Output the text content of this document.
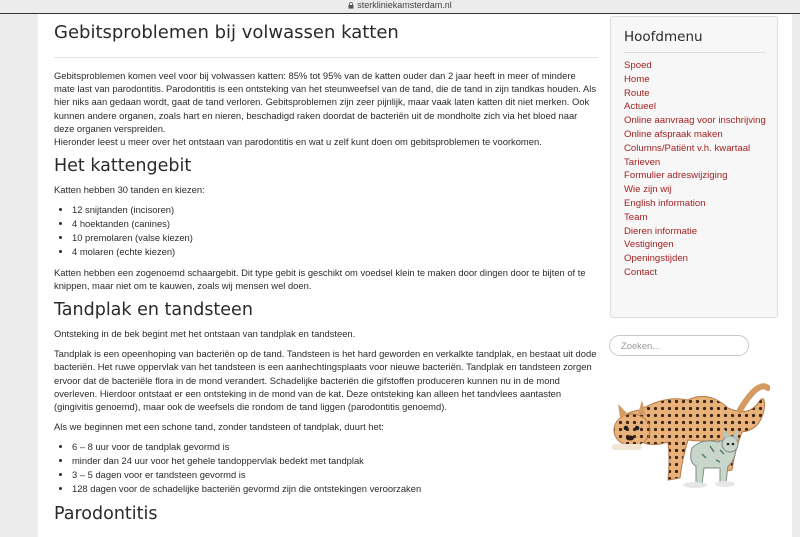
sterkliniekamsterdam.nl
Gebitsproblemen bij volwassen katten

Gebitsproblemen komen veel voor bij volwassen katten: 85% tot 95% van de katten ouder dan 2 jaar heeft in meer of mindere mate last van parodontitis. Parodontitis is een ontsteking van het steunweefsel van de tand, die de tand in zijn tandkas houden. Als hier niks aan gedaan wordt, gaat de tand verloren. Gebitsproblemen zijn zeer pijnlijk, maar vaak laten katten dit niet merken. Ook kunnen andere organen, zoals hart en nieren, beschadigd raken doordat de bacteriën uit de mondholte zich via het bloed naar deze organen verspreiden.
Hieronder leest u meer over het ontstaan van parodontitis en wat u zelf kunt doen om gebitsproblemen te voorkomen.

Het kattengebit

Katten hebben 30 tanden en kiezen:

• 12 snijtanden (incisoren)
• 4 hoektanden (canines)
• 10 premolaren (valse kiezen)
• 4 molaren (echte kiezen)

Katten hebben een zogenoemd schaargebit. Dit type gebit is geschikt om voedsel klein te maken door dingen door te bijten of te knippen, maar niet om te kauwen, zoals wij mensen wel doen.

Tandplak en tandsteen

Ontsteking in de bek begint met het ontstaan van tandplak en tandsteen.

Tandplak is een opeenhoping van bacteriën op de tand. Tandsteen is het hard geworden en verkalkte tandplak, en bestaat uit dode bacteriën. Het ruwe oppervlak van het tandsteen is een aanhechtingsplaats voor nieuwe bacteriën. Tandplak en tandsteen zorgen ervoor dat de bacteriële flora in de mond verandert. Schadelijke bacteriën die gifstoffen produceren kunnen nu in de mond overleven. Hierdoor ontstaat er een ontsteking in de mond van de kat. Deze ontsteking kan alleen het tandvlees aantasten (gingivitis genoemd), maar ook de weefsels die rondom de tand liggen (parodontitis genoemd).

Als we beginnen met een schone tand, zonder tandsteen of tandplak, duurt het:

• 6 – 8 uur voor de tandplak gevormd is
• minder dan 24 uur voor het gehele tandoppervlak bedekt met tandplak
• 3 – 5 dagen voor er tandsteen gevormd is
• 128 dagen voor de schadelijke bacteriën gevormd zijn die ontstekingen veroorzaken
Parodontitis
Hoofdmenu
Spoed
Home
Route
Actueel
Online aanvraag voor inschrijving
Online afspraak maken
Columns/Patiënt v.h. kwartaal
Tarieven
Formulier adreswijziging
Wie zijn wij
English information
Team
Dieren informatie
Vestigingen
Openingstijden
Contact
Zoeken...
